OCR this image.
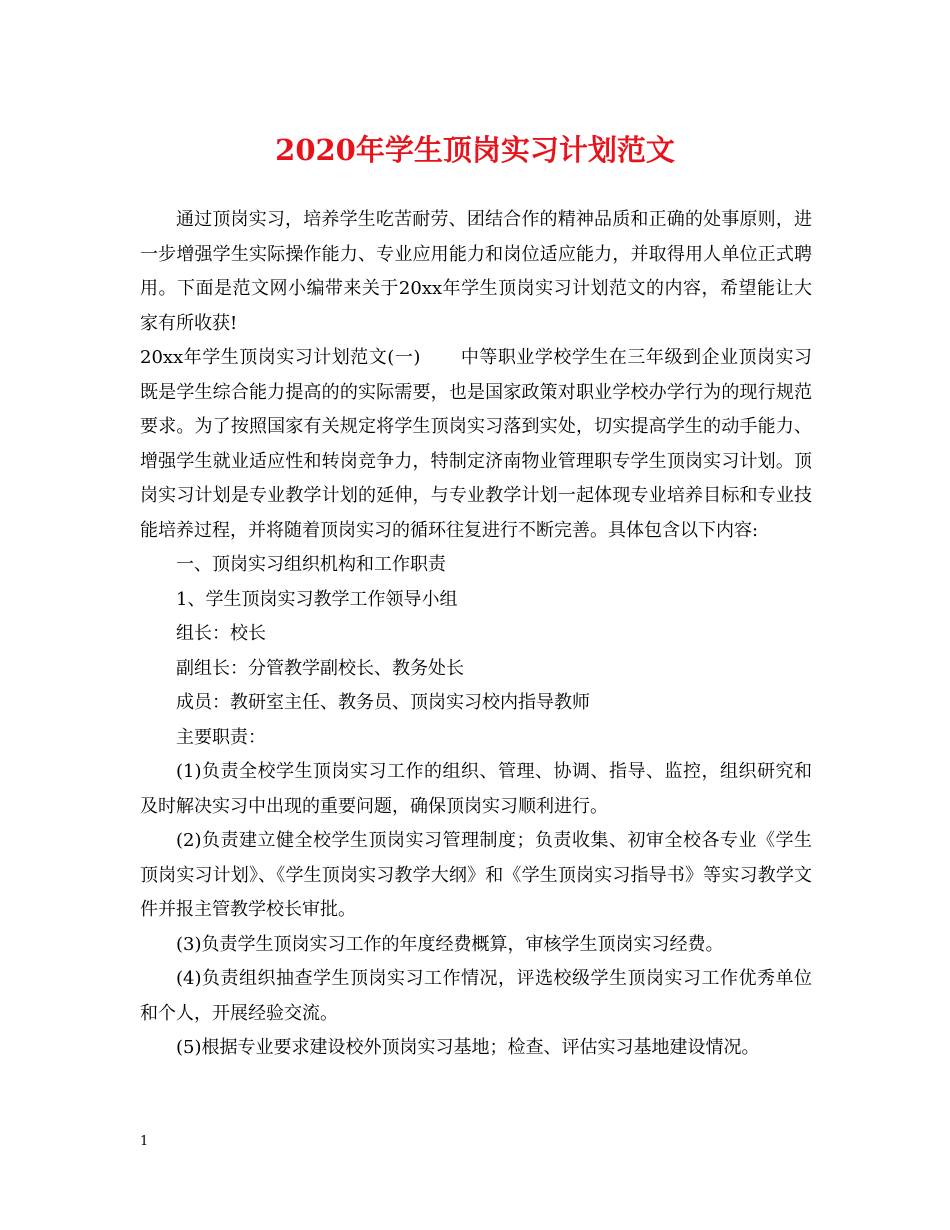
2020年学生顶岗实习计划范文

通过顶岗实习，培养学生吃苦耐劳、团结合作的精神品质和正确的处事原则，进一步增强学生实际操作能力、专业应用能力和岗位适应能力，并取得用人单位正式聘用。下面是范文网小编带来关于20xx年学生顶岗实习计划范文的内容，希望能让大家有所收获!

20xx年学生顶岗实习计划范文(一) 中等职业学校学生在三年级到企业顶岗实习既是学生综合能力提高的的实际需要，也是国家政策对职业学校办学行为的现行规范要求。为了按照国家有关规定将学生顶岗实习落到实处，切实提高学生的动手能力、增强学生就业适应性和转岗竞争力，特制定济南物业管理职专学生顶岗实习计划。顶岗实习计划是专业教学计划的延伸，与专业教学计划一起体现专业培养目标和专业技能培养过程，并将随着顶岗实习的循环往复进行不断完善。具体包含以下内容:

一、顶岗实习组织机构和工作职责

1、学生顶岗实习教学工作领导小组

组长：校长

副组长：分管教学副校长、教务处长

成员：教研室主任、教务员、顶岗实习校内指导教师

主要职责：

(1)负责全校学生顶岗实习工作的组织、管理、协调、指导、监控，组织研究和及时解决实习中出现的重要问题，确保顶岗实习顺利进行。

(2)负责建立健全校学生顶岗实习管理制度；负责收集、初审全校各专业《学生顶岗实习计划》、《学生顶岗实习教学大纲》和《学生顶岗实习指导书》等实习教学文件并报主管教学校长审批。

(3)负责学生顶岗实习工作的年度经费概算，审核学生顶岗实习经费。

(4)负责组织抽查学生顶岗实习工作情况，评选校级学生顶岗实习工作优秀单位和个人，开展经验交流。

(5)根据专业要求建设校外顶岗实习基地；检查、评估实习基地建设情况。

1
